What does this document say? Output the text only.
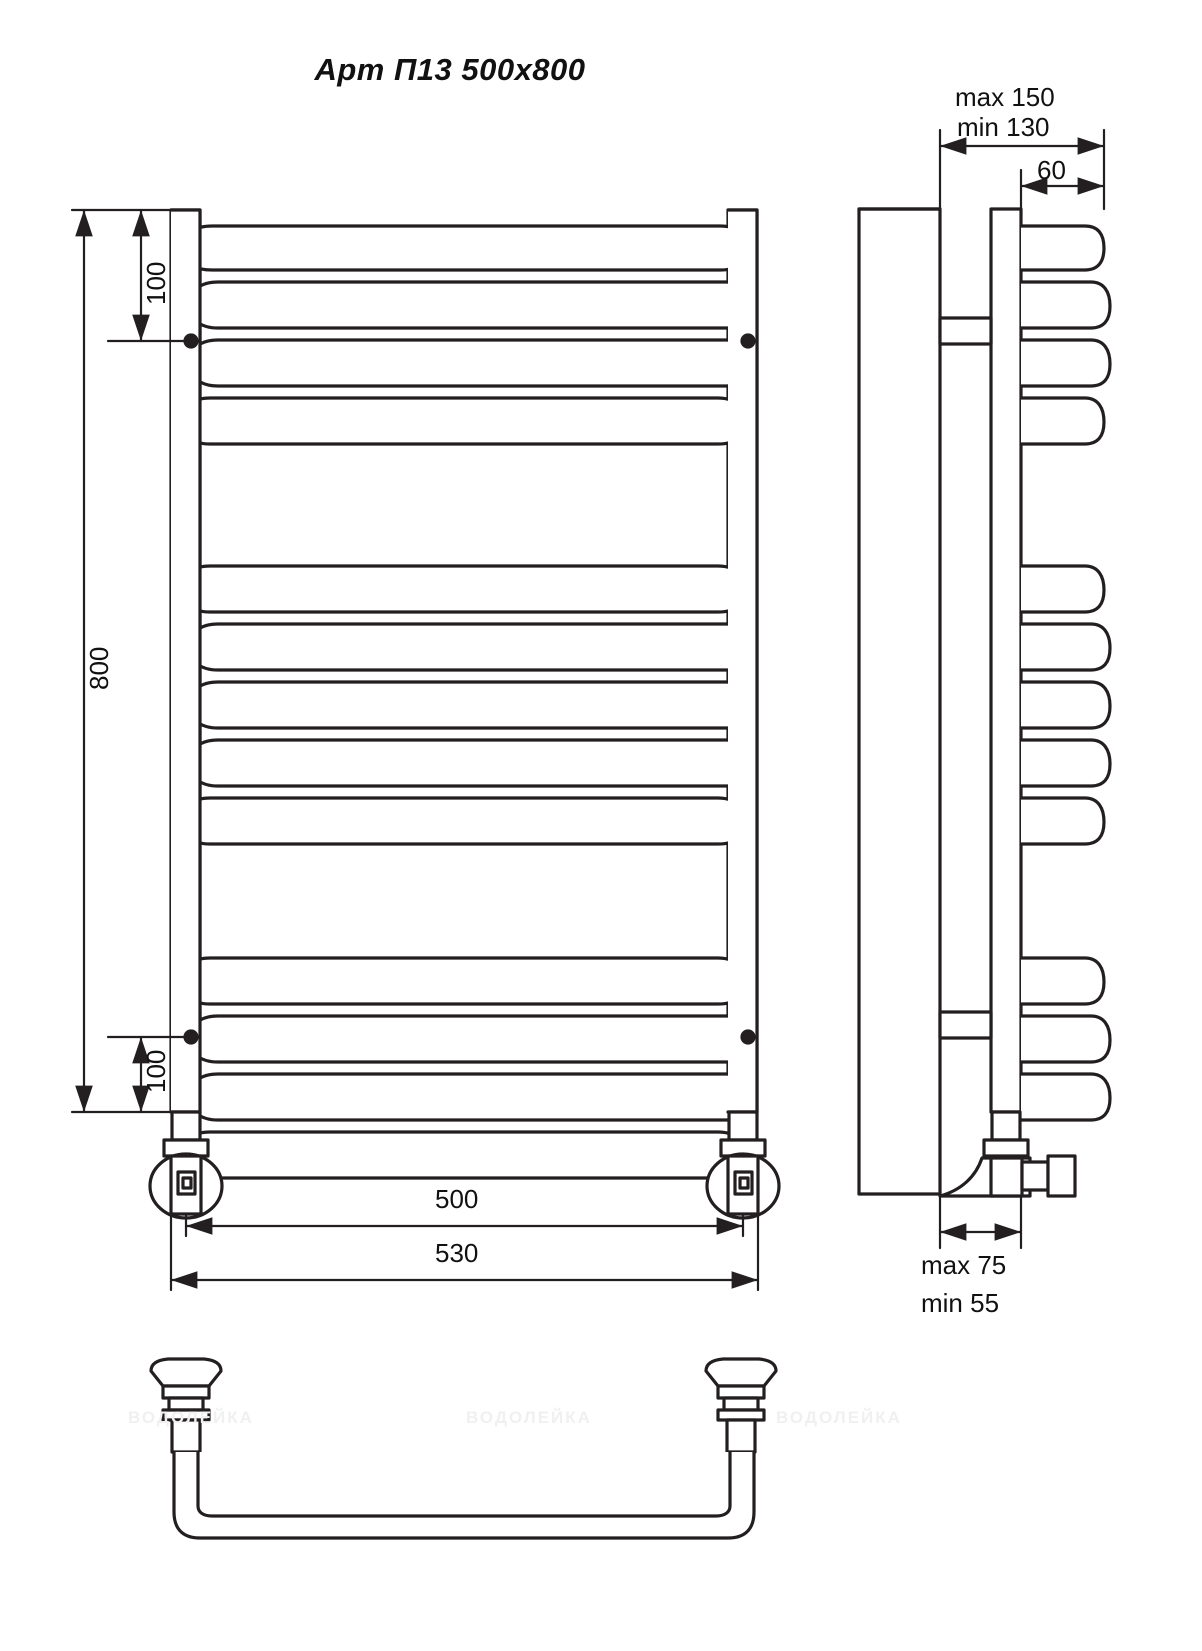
Арт П13 500x800
800
100
100
500
530
max 150
min 130
60
max 75
min 55
ВОДОЛЕЙКА	ВОДОЛЕЙКА	ВОДОЛЕЙКА
